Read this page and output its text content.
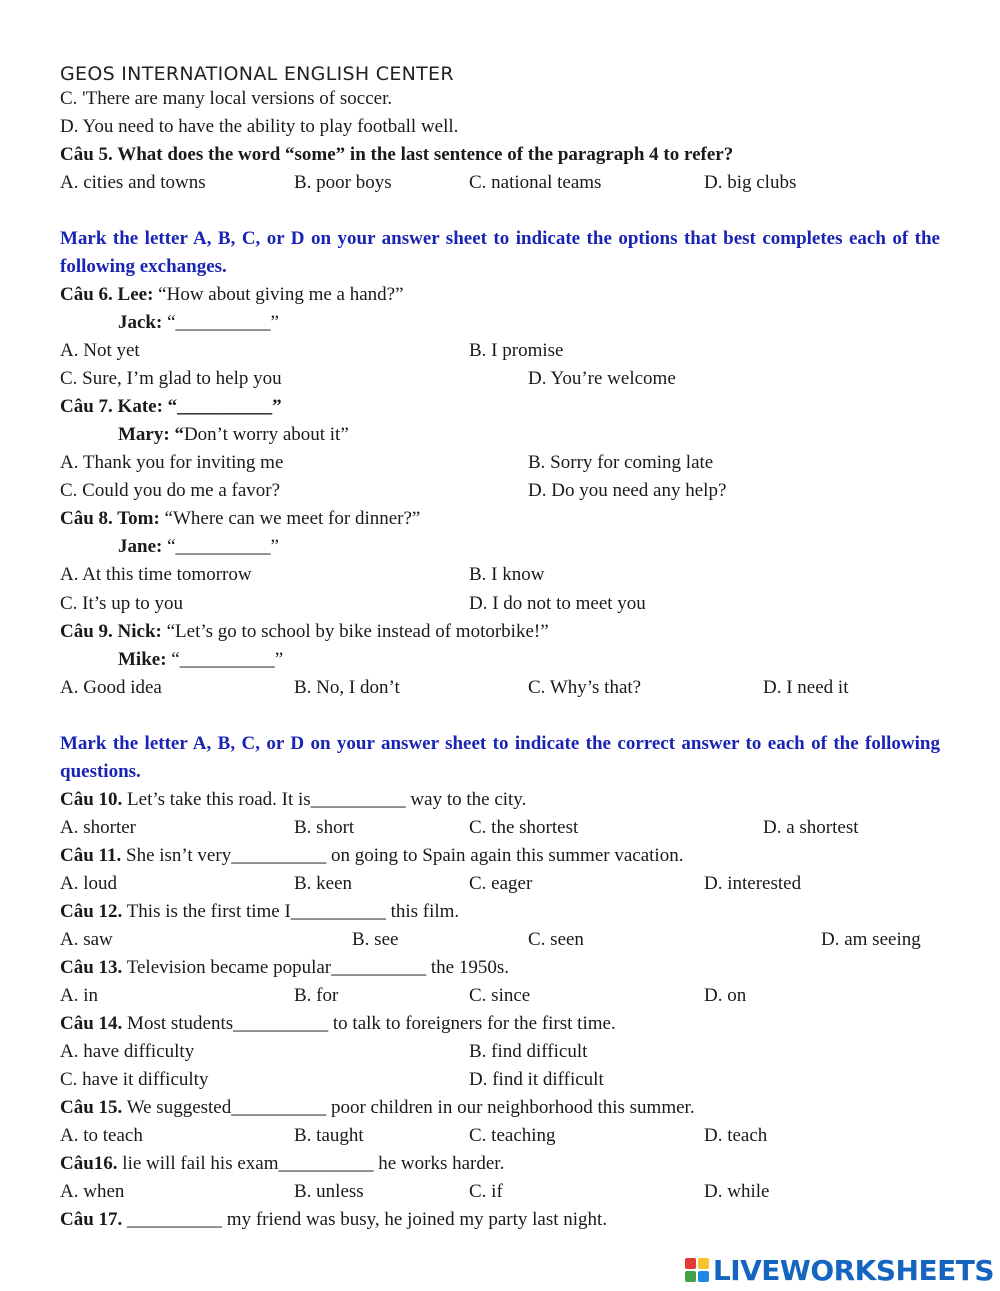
GEOS INTERNATIONAL ENGLISH CENTER
C. 'There are many local versions of soccer.
D. You need to have the ability to play football well.
Câu 5. What does the word “some” in the last sentence of the paragraph 4 to refer?
A. cities and towns	B. poor boys	C. national teams	D. big clubs
Mark the letter A, B, C, or D on your answer sheet to indicate the options that best completes each of the following exchanges.
Câu 6. Lee: “How about giving me a hand?”
Jack: “__________”
A. Not yet	B. I promise
C. Sure, I’m glad to help you	D. You’re welcome
Câu 7. Kate: “__________”
Mary: “Don’t worry about it”
A. Thank you for inviting me	B. Sorry for coming late
C. Could you do me a favor?	D. Do you need any help?
Câu 8. Tom: “Where can we meet for dinner?”
Jane: “__________”
A. At this time tomorrow	B. I know
C. It’s up to you	D. I do not to meet you
Câu 9. Nick: “Let’s go to school by bike instead of motorbike!”
Mike: “__________”
A. Good idea	B. No, I don’t	C. Why’s that?	D. I need it
Mark the letter A, B, C, or D on your answer sheet to indicate the correct answer to each of the following questions.
Câu 10. Let’s take this road. It is__________ way to the city.
A. shorter	B. short	C. the shortest	D. a shortest
Câu 11. She isn’t very__________ on going to Spain again this summer vacation.
A. loud	B. keen	C. eager	D. interested
Câu 12. This is the first time I__________ this film.
A. saw	B. see	C. seen	D. am seeing
Câu 13. Television became popular__________ the 1950s.
A. in	B. for	C. since	D. on
Câu 14. Most students__________ to talk to foreigners for the first time.
A. have difficulty	B. find difficult
C. have it difficulty	D. find it difficult
Câu 15. We suggested__________ poor children in our neighborhood this summer.
A. to teach	B. taught	C. teaching	D. teach
Câu16. lie will fail his exam__________ he works harder.
A. when	B. unless	C. if	D. while
Câu 17. __________ my friend was busy, he joined my party last night.
LIVEWORKSHEETS
